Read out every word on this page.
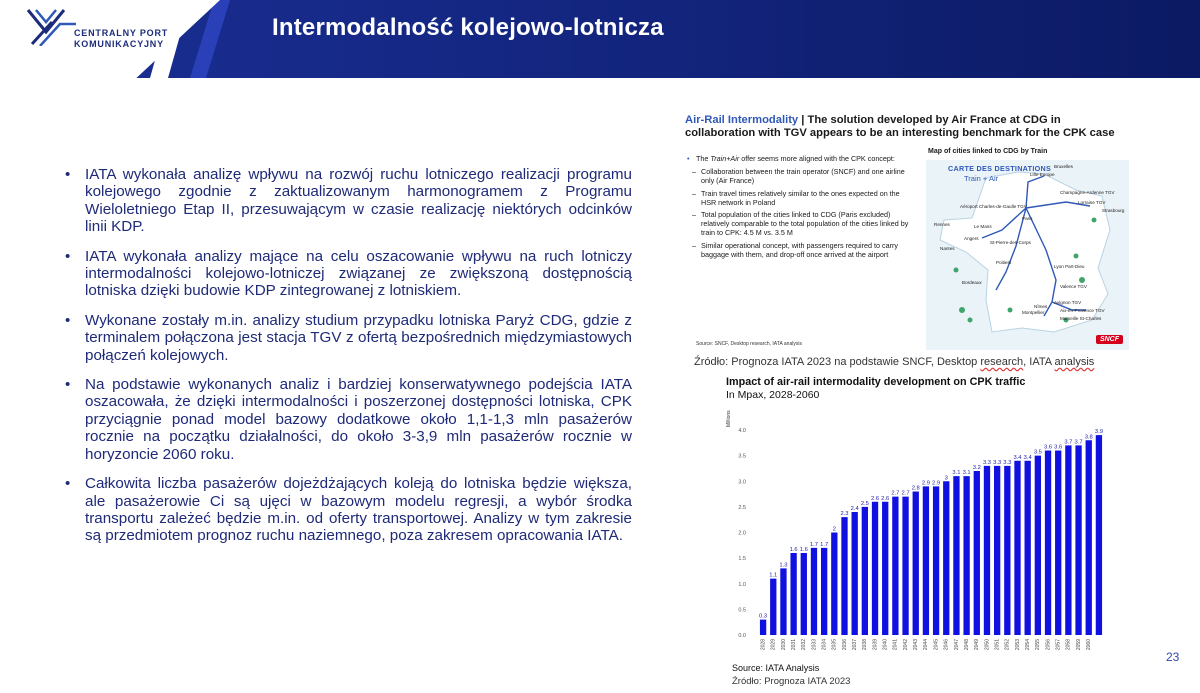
CENTRALNY PORT
KOMUNIKACYJNY
Intermodalność kolejowo-lotnicza
• IATA wykonała analizę wpływu na rozwój ruchu lotniczego realizacji programu kolejowego zgodnie z zaktualizowanym harmonogramem z Programu Wieloletniego Etap II, przesuwającym w czasie realizację niektórych odcinków linii KDP.
• IATA wykonała analizy mające na celu oszacowanie wpływu na ruch lotniczy intermodalności kolejowo-lotniczej związanej ze zwiększoną dostępnością lotniska dzięki budowie KDP zintegrowanej z lotniskiem.
• Wykonane zostały m.in. analizy studium przypadku lotniska Paryż CDG, gdzie z terminalem połączona jest stacja TGV z ofertą bezpośrednich międzymiastowych połączeń kolejowych.
• Na podstawie wykonanych analiz i bardziej konserwatywnego podejścia IATA oszacowała, że dzięki intermodalności i poszerzonej dostępności lotniska, CPK przyciągnie ponad model bazowy dodatkowe około 1,1-1,3 mln pasażerów rocznie na początku działalności, do około 3-3,9 mln pasażerów rocznie w horyzoncie 2060 roku.
• Całkowita liczba pasażerów dojeżdżających koleją do lotniska będzie większa, ale pasażerowie Ci są ujęci w bazowym modelu regresji, a wybór środka transportu zależeć będzie m.in. od oferty transportowej. Analizy w tym zakresie są przedmiotem prognoz ruchu naziemnego, poza zakresem opracowania IATA.
Air-Rail Intermodality | The solution developed by Air France at CDG in collaboration with TGV appears to be an interesting benchmark for the CPK case
• The Train+Air offer seems more aligned with the CPK concept:
– Collaboration between the train operator (SNCF) and one airline only (Air France)
– Train travel times relatively similar to the ones expected on the HSR network in Poland
– Total population of the cities linked to CDG (Paris excluded) relatively comparable to the total population of the cities linked by train to CPK: 4.5 M vs. 3.5 M
– Similar operational concept, with passengers required to carry baggage with them, and drop-off once arrived at the airport
Source: SNCF, Desktop research, IATA analysis
Map of cities linked to CDG by Train
CARTE DES DESTINATIONS
Train + Air	Lille-Europe
Bruxelles
Aéroport Charles-de-Gaulle TGV
Champagne-Ardenne TGV
Lorraine TGV
Strasbourg
Rennes	Le Mans
Angers
Nantes
Paris
St-Pierre-des-Corps
Poitiers
Bordeaux
Lyon Part-Dieu
Valence TGV
Nîmes
Montpellier
Avignon TGV
Aix-en-Provence TGV
Marseille St-Charles
SNCF
Źródło: Prognoza IATA 2023 na podstawie SNCF, Desktop research, IATA analysis
Impact of air-rail intermodality development on CPK traffic
In Mpax, 2028-2060
Millions
0.0
0.5
1.0
1.5
2.0
2.5
3.0
3.5
4.0
0.3
2028
1.1
2029
1.3
2030
1.6
2031
1.6
2032
1.7
2033
1.7
2034
2
2035
2.3
2036
2.4
2037
2.5
2038
2.6
2039
2.6
2040
2.7
2041
2.7
2042
2.8
2043
2.9
2044
2.9
2045
3
2046
3.1
2047
3.1
2048
3.2
2049
3.3
2050
3.3
2051
3.3
2052
3.4
2053
3.4
2054
3.5
2055
3.6
2056
3.6
2057
3.7
2058
3.7
2059
3.8
2060
3.9
Source: IATA Analysis
Źródło: Prognoza IATA 2023
23
